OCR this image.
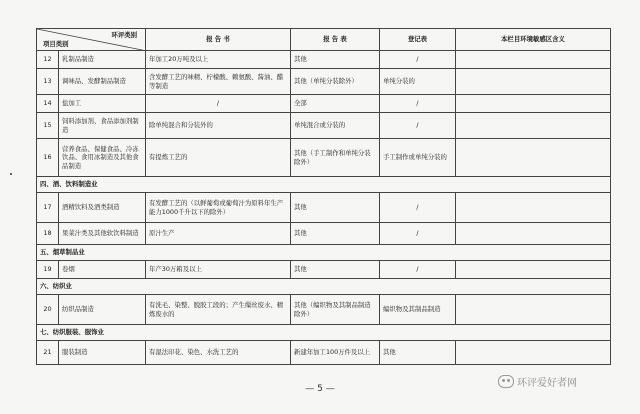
环评类别
项目类别		报 告 书	报 告 表	登记表	本栏目环境敏感区含义
12	乳制品制造	年加工20万吨及以上	其他	/	
13	调味品、发酵制品制造	含发酵工艺的味精、柠檬酸、赖氨酸、酱油、醋等制造	其他（单纯分装除外）	单纯分装的	
14	盐加工	/	全部	/	
15	饲料添加剂、食品添加剂制造	除单纯混合和分装外的	单纯混合或分装的	/	
16	营养食品、保健食品、冷冻饮品、食用冰制造及其他食品制造	有提炼工艺的	其他（手工制作和单纯分装除外）	手工制作或单纯分装的	
四、酒、饮料制造业					
17	酒精饮料及酒类制造	有发酵工艺的（以鲜葡萄或葡萄汁为原料年生产能力1000千升以下的除外）	其他	/	
18	果菜汁类及其他软饮料制造	原汁生产	其他	/	
五、烟草制品业					
19	卷烟	年产30万箱及以上	其他	/	
六、纺织业					
20	纺织品制造	有洗毛、染整、脱胶工段的；产生缫丝废水、精炼废水的	其他（编织物及其制品制造除外）	编织物及其制品制造	
七、纺织服装、服饰业					
21	服装制造	有湿法印花、染色、水洗工艺的	新建年加工100万件及以上	其他	
— 5 —	环评爱好者网
